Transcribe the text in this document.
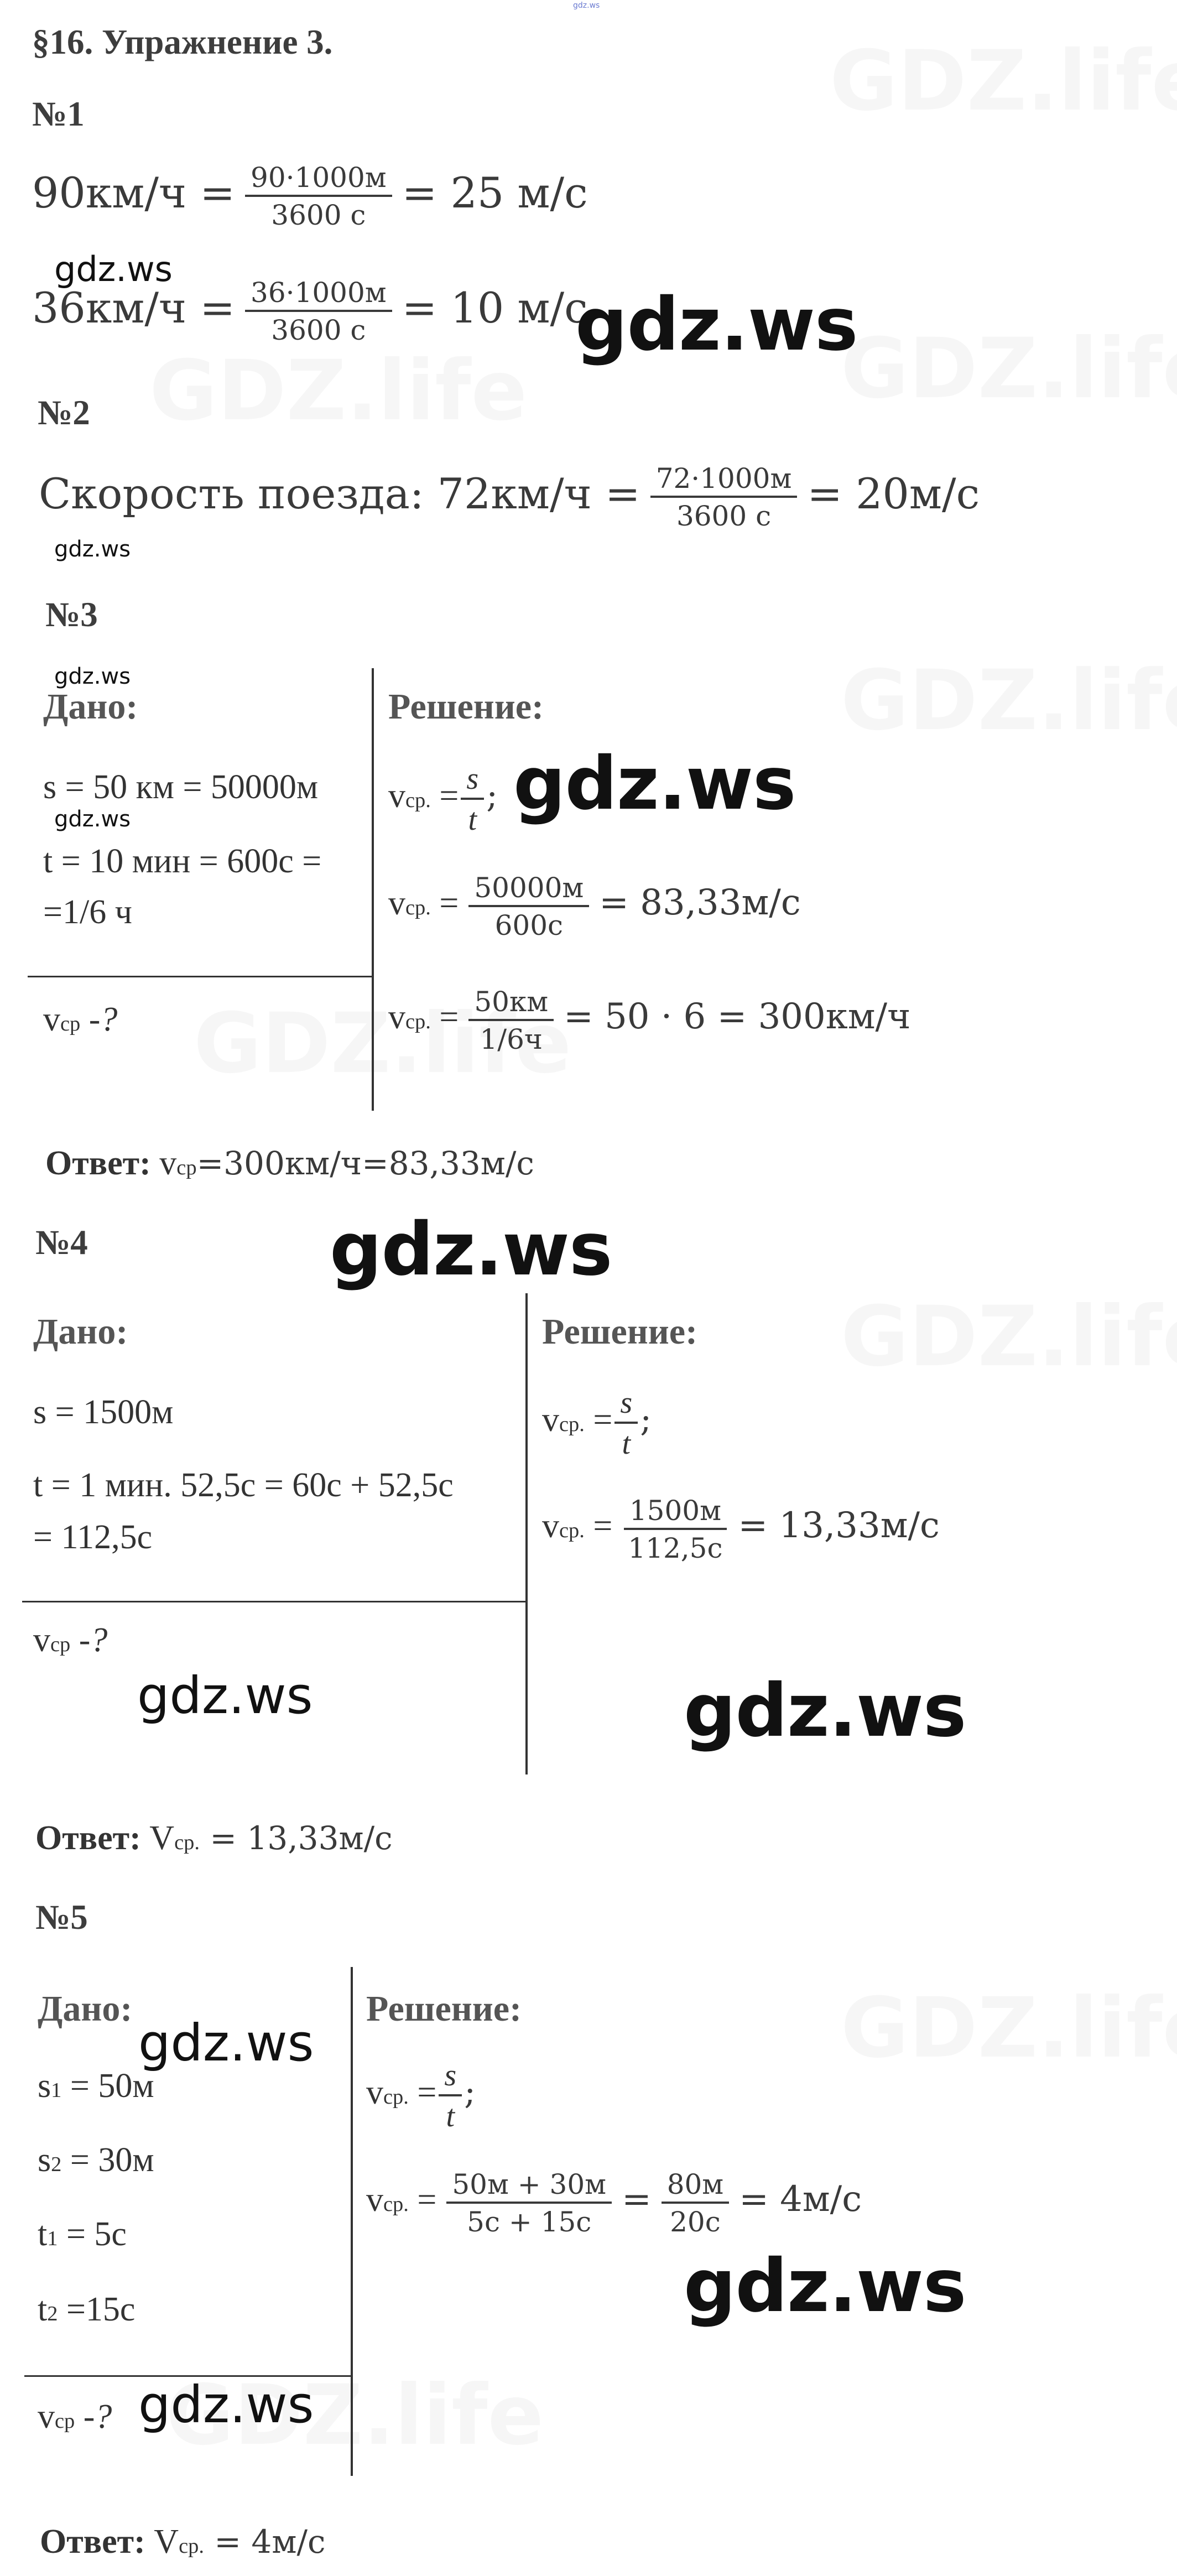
gdz.ws
§16. Упражнение 3.
№1
$90км/ч = \frac{90\cdot 1000м}{3600 с} = 25$ м/с
$36км/ч = \frac{36\cdot 1000м}{3600 с} = 10$ м/с
№2
Скорость поезда: $72км/ч = \frac{72\cdot 1000м}{3600 с} = 20м/с$
№3
Дано:
s = 50 км = 50000м
t = 10 мин = 600с =
=1/6 ч
vср -?
Решение:
vср. = $\frac{s}{t}$ ;
vср. = $\frac{50000м}{600с} = 83,33м/с$
vср. = $\frac{50км}{1/6ч} = 50 \cdot 6 = 300км/ч$
Ответ: vср=300км/ч=83,33м/с
№4
Дано:
s = 1500м
t = 1 мин. 52,5с = 60с + 52,5с
= 112,5с
vср -?
Решение:
vср. = $\frac{s}{t}$ ;
vср. = $\frac{1500м}{112,5с} = 13,33м/с$
Ответ: Vср. = 13,33м/с
№5
Дано:
s1 = 50м
s2 = 30м
t1 = 5с
t2 =15с
vср -?
Решение:
vср. = $\frac{s}{t}$ ;
vср. = $\frac{50м + 30м}{5с + 15с} = \frac{80м}{20с} = 4м/с$
Ответ: Vср. = 4м/с
gdz.ws
gdz.ws
gdz.ws
gdz.ws
gdz.ws	gdz.ws
gdz.ws
gdz.ws	gdz.ws
gdz.ws
gdz.ws
gdz.ws
